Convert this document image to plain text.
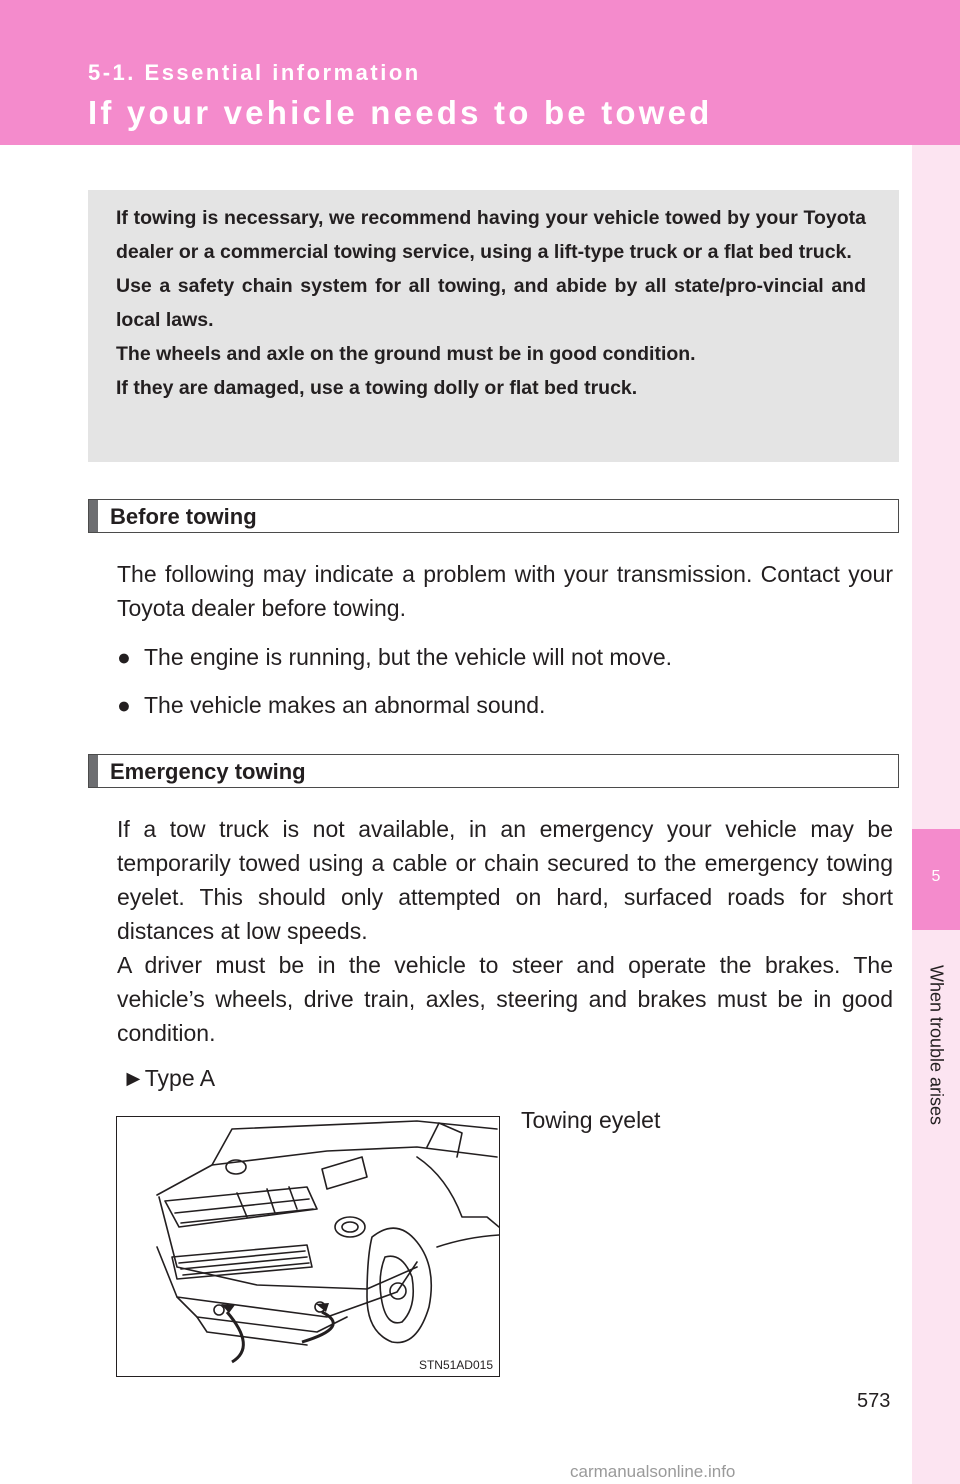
5-1. Essential information
If your vehicle needs to be towed
5
When trouble arises

If towing is necessary, we recommend having your vehicle towed by your Toyota dealer or a commercial towing service, using a lift-type truck or a flat bed truck.

Use a safety chain system for all towing, and abide by all state/pro-vincial and local laws.

The wheels and axle on the ground must be in good condition.

If they are damaged, use a towing dolly or flat bed truck.

Before towing

The following may indicate a problem with your transmission. Contact your Toyota dealer before towing.

● The engine is running, but the vehicle will not move.
● The vehicle makes an abnormal sound.
Emergency towing

If a tow truck is not available, in an emergency your vehicle may be temporarily towed using a cable or chain secured to the emergency towing eyelet. This should only attempted on hard, surfaced roads for short distances at low speeds.

A driver must be in the vehicle to steer and operate the brakes. The vehicle’s wheels, drive train, axles, steering and brakes must be in good condition.

►Type A
Towing eyelet
STN51AD015
573
carmanualsonline.info
